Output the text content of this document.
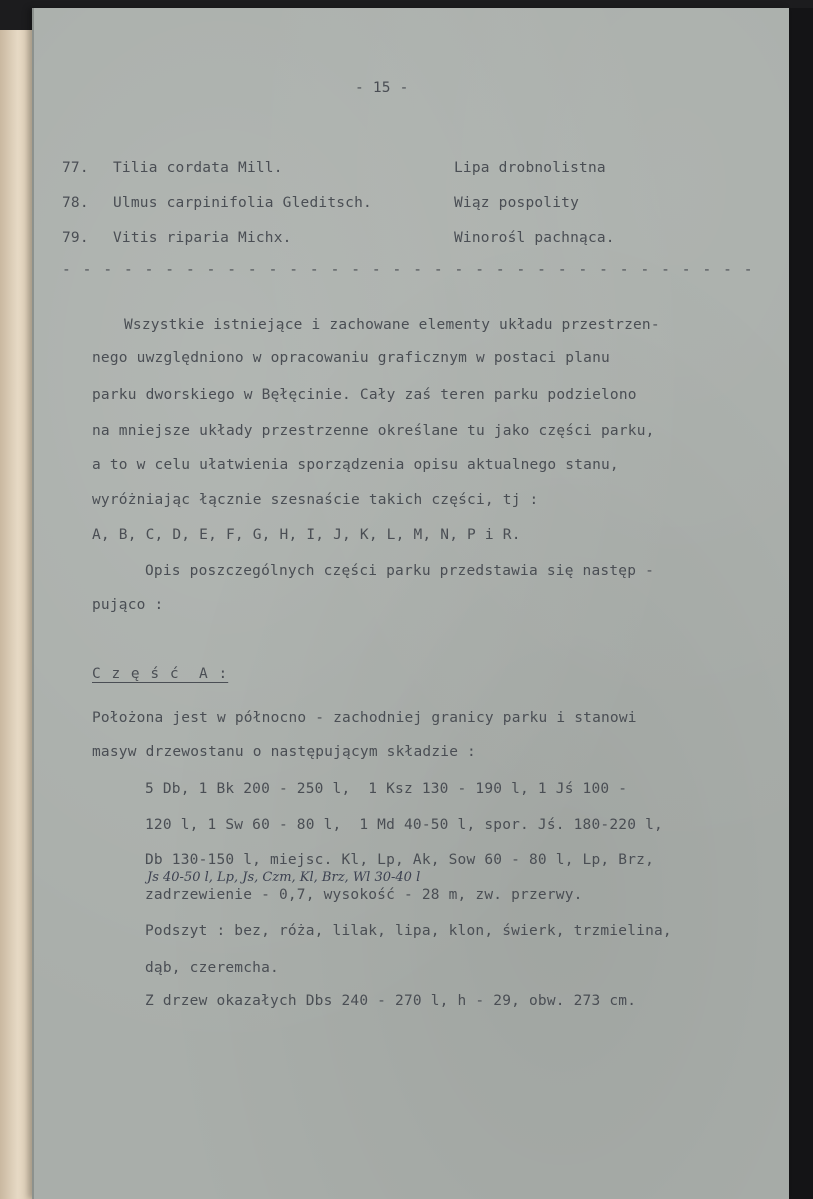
- 15 -
77. Tilia cordata Mill.	Lipa drobnolistna
78. Ulmus carpinifolia Gleditsch.	Wiąz pospolity
79. Vitis riparia Michx.	Winorośl pachnąca.
- - - - - - - - - - - - - - - - - - - - - - - - - - - - - - - - - -
Wszystkie istniejące i zachowane elementy układu przestrzen-
nego uwzględniono w opracowaniu graficznym w postaci planu
parku dworskiego w Bęłęcinie. Cały zaś teren parku podzielono
na mniejsze układy przestrzenne określane tu jako części parku,
a to w celu ułatwienia sporządzenia opisu aktualnego stanu,
wyróżniając łącznie szesnaście takich części, tj :
A, B, C, D, E, F, G, H, I, J, K, L, M, N, P i R.
Opis poszczególnych części parku przedstawia się następ -
pująco :
C z ę ś ć  A :
Położona jest w północno - zachodniej granicy parku i stanowi
masyw drzewostanu o następującym składzie :
5 Db, 1 Bk 200 - 250 l,  1 Ksz 130 - 190 l, 1 Jś 100 -
120 l, 1 Sw 60 - 80 l,  1 Md 40-50 l, spor. Jś. 180-220 l,
Db 130-150 l, miejsc. Kl, Lp, Ak, Sow 60 - 80 l, Lp, Brz,
Js 40-50 l, Lp, Js, Czm, Kl, Brz, Wl 30-40 l
zadrzewienie - 0,7, wysokość - 28 m, zw. przerwy.
Podszyt : bez, róża, lilak, lipa, klon, świerk, trzmielina,
dąb, czeremcha.
Z drzew okazałych Dbs 240 - 270 l, h - 29, obw. 273 cm.
